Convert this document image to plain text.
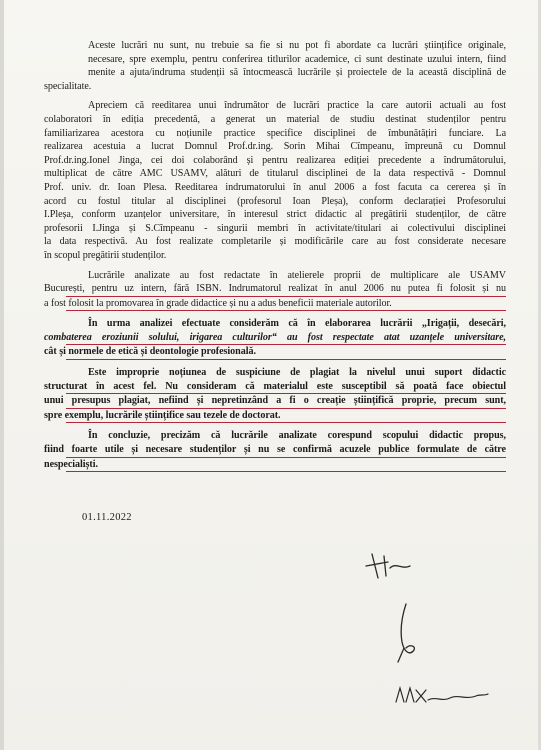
Aceste lucrări nu sunt, nu trebuie sa fie si nu pot fi abordate ca lucrări științifice originale,
necesare, spre exemplu, pentru conferirea titlurilor academice, ci sunt destinate uzului intern, fiind
menite a ajuta/indruma studenții să întocmească lucrările și proiectele de la această disciplină de
specialitate.
Apreciem că reeditarea unui îndrumător de lucrări practice la care autorii actuali au fost
colaboratori în ediția precedentă, a generat un material de studiu destinat studenților pentru
familiarizarea acestora cu noțiunile practice specifice disciplinei de îmbunătățiri funciare. La
realizarea acestuia a lucrat Domnul Prof.dr.ing. Sorin Mihai Cîmpeanu, împreună cu Domnul
Prof.dr.ing.Ionel Jinga, cei doi colaborând și pentru realizarea ediției precedente a îndrumătorului,
multiplicat de către AMC USAMV, alături de titularul disciplinei de la data respectivă - Domnul
Prof. univ. dr. Ioan Plesa. Reeditarea indrumatorului în anul 2006 a fost facuta ca cererea și în
acord cu fostul titular al disciplinei (profesorul Ioan Pleșa), conform declarației Profesorului
I.Pleșa, conform uzanțelor universitare, în interesul strict didactic al pregătirii studenților, de către
profesorii I.Jinga și S.Cîmpeanu - singurii membri în activitate/titulari ai colectivului disciplinei
la data respectivă. Au fost realizate completarile și modificările care au fost considerate necesare
în scopul pregătirii studenților.
Lucrările analizate au fost redactate în atelierele proprii de multiplicare ale USAMV
București, pentru uz intern, fără ISBN. Indrumatorul realizat în anul 2006 nu putea fi folosit și nu
a fost folosit la promovarea în grade didactice și nu a adus beneficii materiale autorilor.
În urma analizei efectuate considerăm că în elaborarea lucrării „Irigații, desecări,
combaterea eroziunii solului, irigarea culturilor“ au fost respectate atat uzanțele universitare,
cât și normele de etică și deontologie profesională.
Este impropriе noțiunea de suspiciune de plagiat la nivelul unui suport didactic
structurat în acest fel. Nu consideram că materialul este susceptibil să poată face obiectul
unui presupus plagiat, nefiind și nepretinzând a fi o creație științifică proprie, precum sunt,
spre exemplu, lucrările științifice sau tezele de doctorat.
În concluzie, precizăm că lucrările analizate corespund scopului didactic propus,
fiind foarte utile și necesare studenților și nu se confirmă acuzele publice formulate de către
nespecialiști.
01.11.2022
